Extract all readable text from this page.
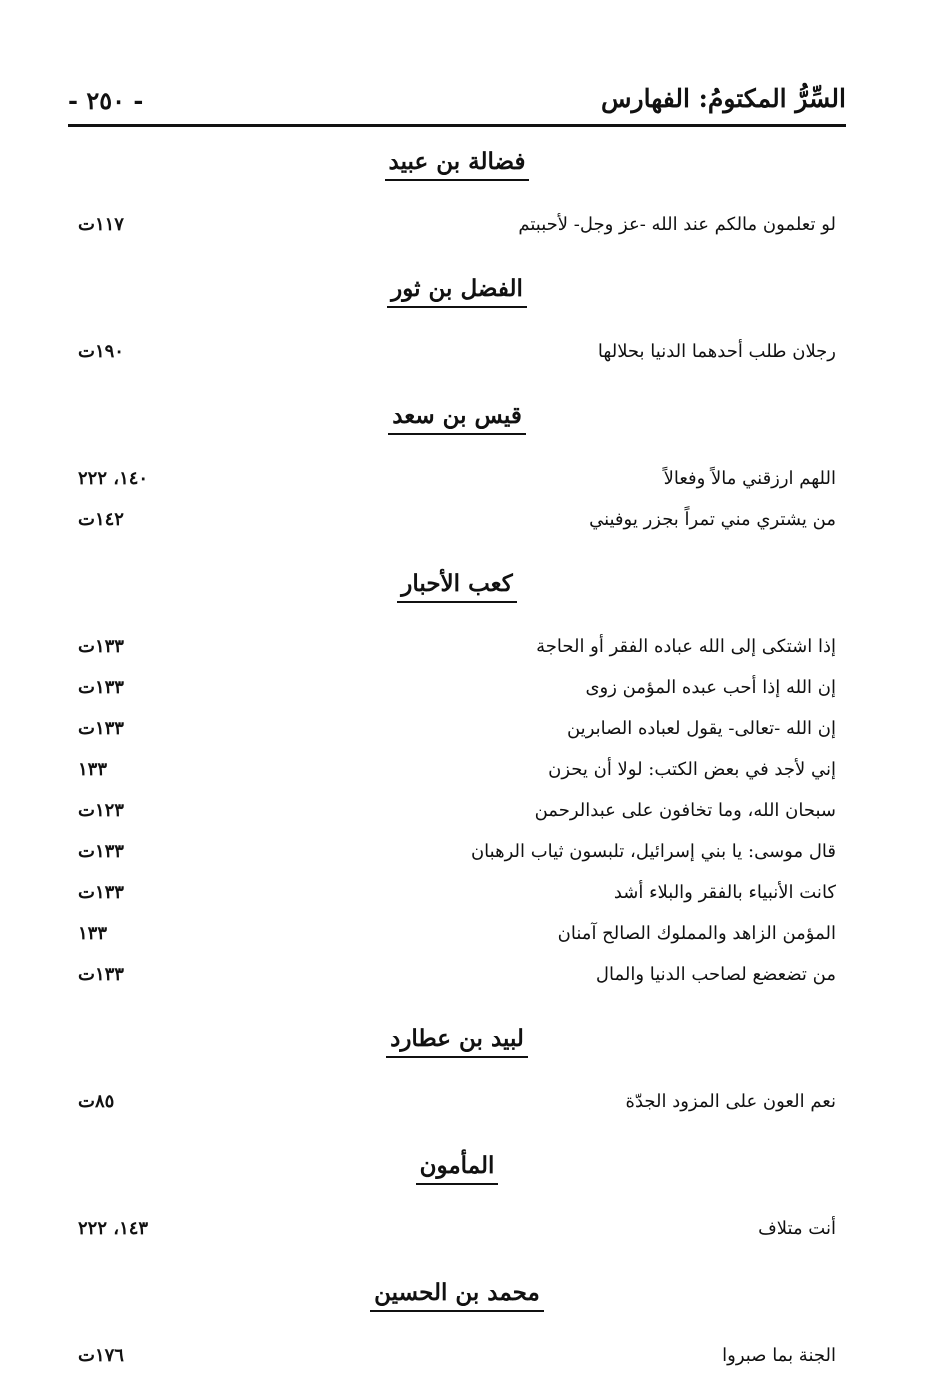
السِّرُّ المكتومُ: الفهارس
- ٢٥٠ -
فضالة بن عبيد
لو تعلمون مالكم عند الله -عز وجل- لأحببتم
١١٧ت
الفضل بن ثور
رجلان طلب أحدهما الدنيا بحلالها
١٩٠ت
قيس بن سعد
اللهم ارزقني مالاً وفعالاً
١٤٠، ٢٢٢
من يشتري مني تمراً بجزر يوفيني
١٤٢ت
كعب الأحبار
إذا اشتكى إلى الله عباده الفقر أو الحاجة
١٣٣ت
إن الله إذا أحب عبده المؤمن زوى
١٣٣ت
إن الله -تعالى- يقول لعباده الصابرين
١٣٣ت
إني لأجد في بعض الكتب: لولا أن يحزن
١٣٣
سبحان الله، وما تخافون على عبدالرحمن
١٢٣ت
قال موسى: يا بني إسرائيل، تلبسون ثياب الرهبان
١٣٣ت
كانت الأنبياء بالفقر والبلاء أشد
١٣٣ت
المؤمن الزاهد والمملوك الصالح آمنان
١٣٣
من تضعضع لصاحب الدنيا والمال
١٣٣ت
لبيد بن عطارد
نعم العون على المزود الجدّة
٨٥ت
المأمون
أنت متلاف
١٤٣، ٢٢٢
محمد بن الحسين
الجنة بما صبروا
١٧٦ت
